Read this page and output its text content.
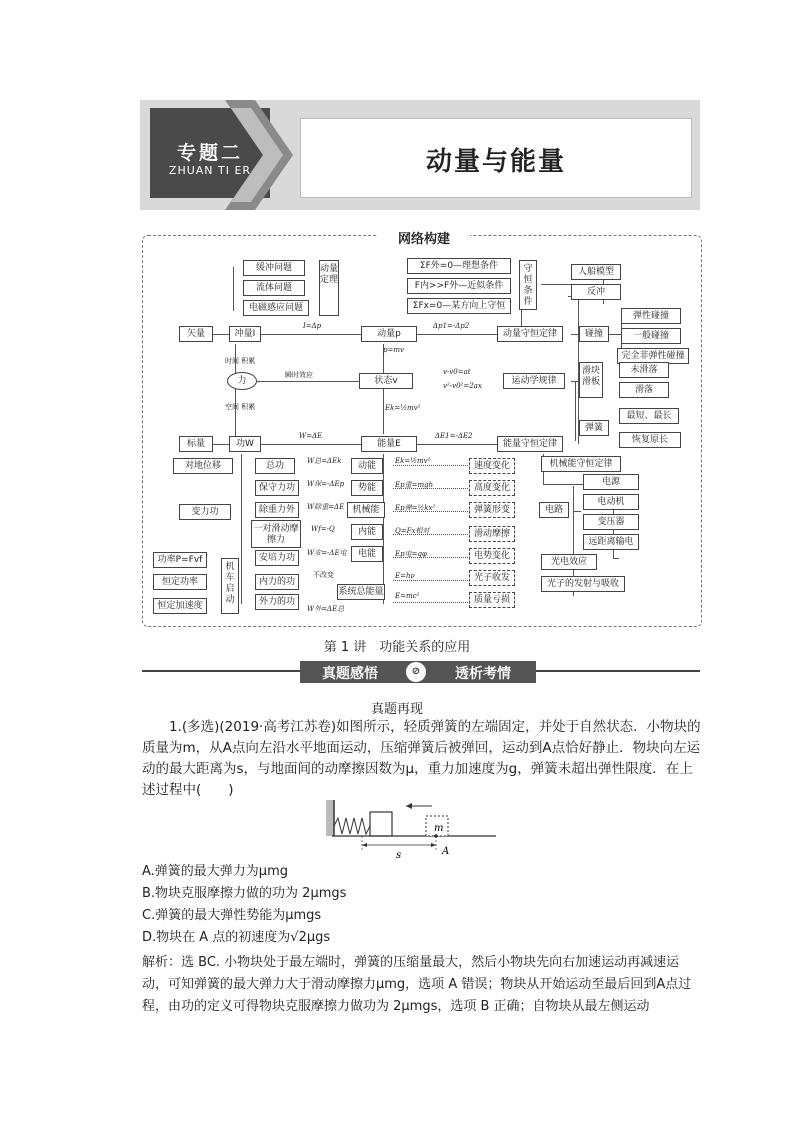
专题二
ZHUAN TI ER	动量与能量
缓冲问题
流体问题
电磁感应问题
动量定理
矢量	冲量I
I=Δp
动量p
Δp1=-Δp2
动量守恒定律
ΣF外=0—理想条件
F内>>F外—近似条件
ΣFx=0—某方向上守恒
守恒条件
人船模型
反冲
碰撞
弹性碰撞
一般碰撞
完全非弹性碰撞
时间 积累
力
空间 积累
瞬时效应
状态v
p=mv
v-v0=at
v²-v0²=2ax	运动学规律
Ek=½mv²
滑块滑板
未滑落
滑落
弹簧
最短、最长
恢复原长
标量	功W
W=ΔE
能量E
ΔE1=-ΔE2
能量守恒定律
机械能守恒定律
对地位移	总功
保守力功
变力功	除重力外
一对滑动摩擦力
安培力功
内力的功
外力的功
功率P=Fvf
恒定功率
恒定加速度
机车启动
W总=ΔEk
W保=-ΔEp
W除重=ΔE
Wf=-Q
W安=-ΔE电
不改变
W外=ΔE总
动能
势能
机械能
内能
电能
系统总能量
Ek=½mv²
Ep重=mgh
Ep弹=½kx²
Q=Fx相对
Ep电=qφ
E=hν
E=mc²
速度变化
高度变化
弹簧形变
滑动摩擦
电势变化
光子收发
质量亏损
电路
电源
电动机
变压器
远距离输电
光电效应
光子的发射与吸收
网络构建
第 1 讲　功能关系的应用
真题感悟	⊘	透析考情
真题再现
1.(多选)(2019·高考江苏卷)如图所示，轻质弹簧的左端固定，并处于自然状态．小物块的质量为m，从A点向左沿水平地面运动，压缩弹簧后被弹回，运动到A点恰好静止．物块向左运动的最大距离为s，与地面间的动摩擦因数为μ，重力加速度为g，弹簧未超出弹性限度．在上述过程中(　　)
m
s	A
A.弹簧的最大弹力为μmg
B.物块克服摩擦力做的功为 2μmgs
C.弹簧的最大弹性势能为μmgs
D.物块在 A 点的初速度为√2μgs
解析：选 BC. 小物块处于最左端时，弹簧的压缩量最大，然后小物块先向右加速运动再减速运动，可知弹簧的最大弹力大于滑动摩擦力μmg，选项 A 错误；物块从开始运动至最后回到A点过程，由功的定义可得物块克服摩擦力做功为 2μmgs，选项 B 正确；自物块从最左侧运动
